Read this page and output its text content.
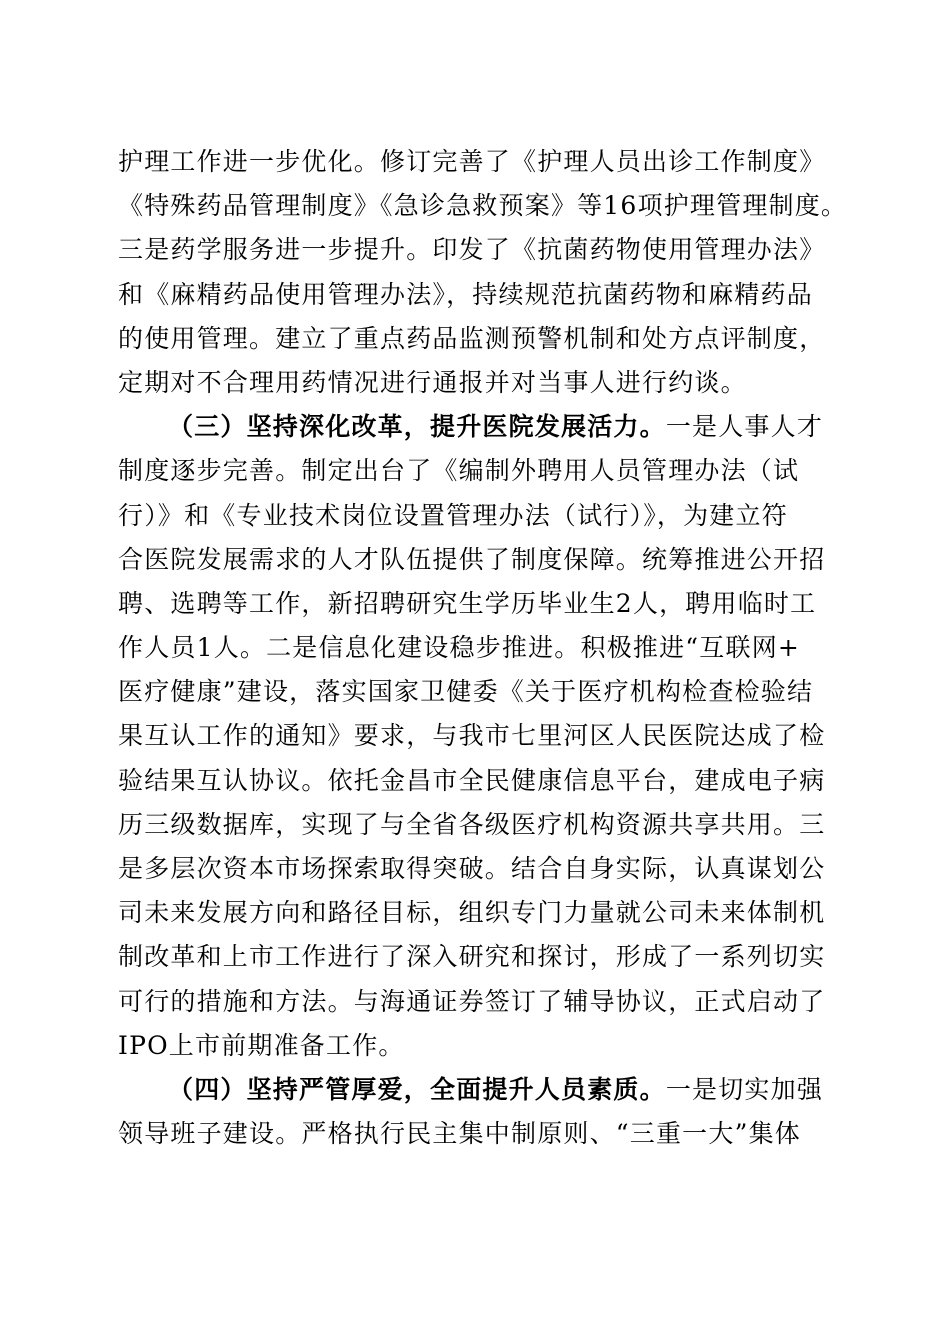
护理工作进一步优化。修订完善了《护理人员出诊工作制度》
《特殊药品管理制度》《急诊急救预案》等16项护理管理制度。
三是药学服务进一步提升。印发了《抗菌药物使用管理办法》
和《麻精药品使用管理办法》，持续规范抗菌药物和麻精药品
的使用管理。建立了重点药品监测预警机制和处方点评制度，
定期对不合理用药情况进行通报并对当事人进行约谈。
（三）坚持深化改革，提升医院发展活力。一是人事人才
制度逐步完善。制定出台了《编制外聘用人员管理办法（试
行）》和《专业技术岗位设置管理办法（试行）》，为建立符
合医院发展需求的人才队伍提供了制度保障。统筹推进公开招
聘、选聘等工作，新招聘研究生学历毕业生2人，聘用临时工
作人员1人。二是信息化建设稳步推进。积极推进“互联网+
医疗健康”建设，落实国家卫健委《关于医疗机构检查检验结
果互认工作的通知》要求，与我市七里河区人民医院达成了检
验结果互认协议。依托金昌市全民健康信息平台，建成电子病
历三级数据库，实现了与全省各级医疗机构资源共享共用。三
是多层次资本市场探索取得突破。结合自身实际，认真谋划公
司未来发展方向和路径目标，组织专门力量就公司未来体制机
制改革和上市工作进行了深入研究和探讨，形成了一系列切实
可行的措施和方法。与海通证券签订了辅导协议，正式启动了
IPO上市前期准备工作。
（四）坚持严管厚爱，全面提升人员素质。一是切实加强
领导班子建设。严格执行民主集中制原则、“三重一大”集体
